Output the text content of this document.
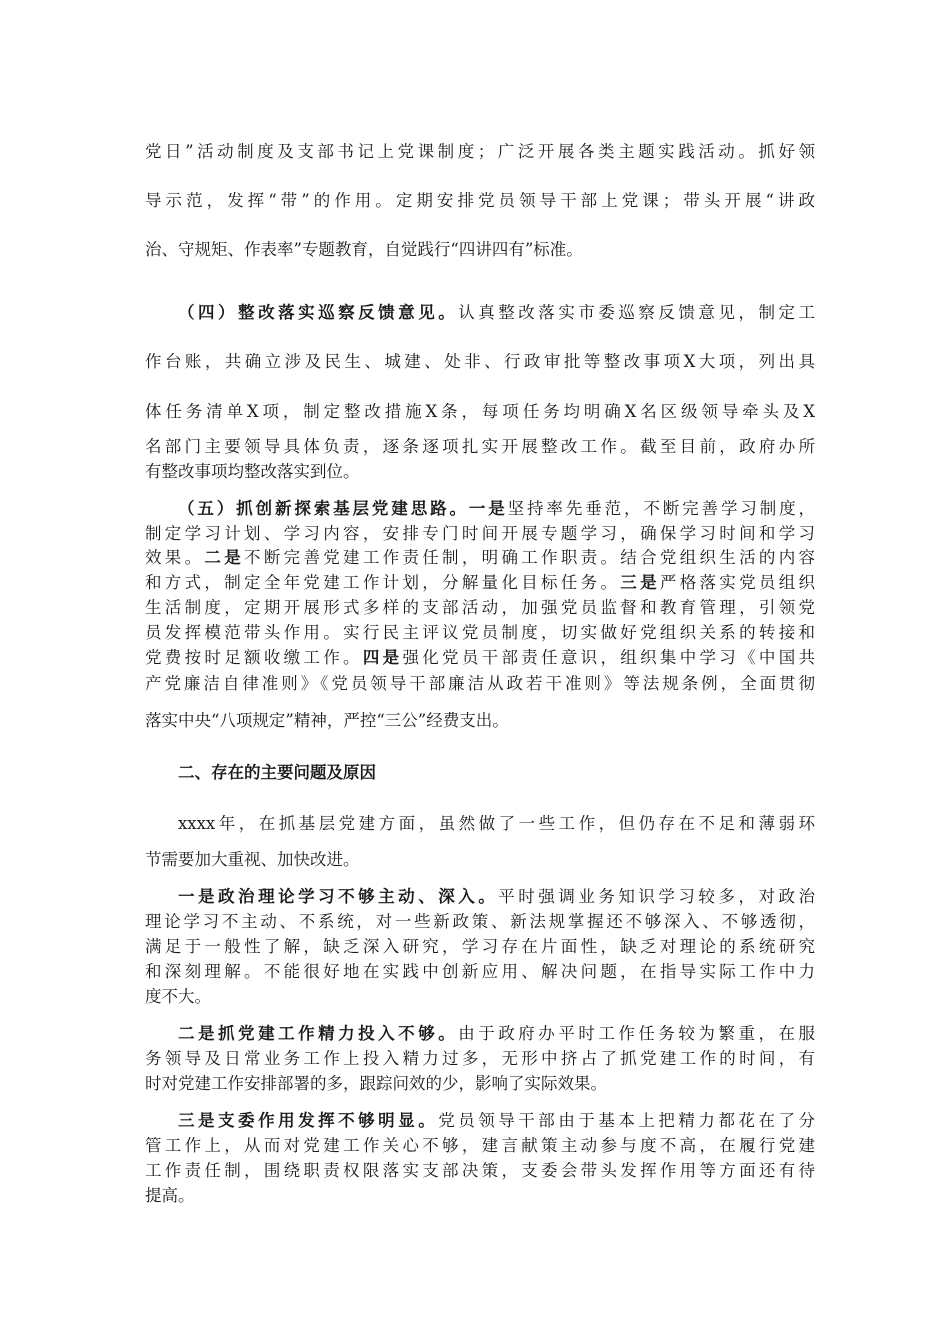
党日”活动制度及支部书记上党课制度；广泛开展各类主题实践活动。抓好领
导示范，发挥“带”的作用。定期安排党员领导干部上党课；带头开展“讲政
治、守规矩、作表率”专题教育，自觉践行“四讲四有”标准。
（四）整改落实巡察反馈意见。认真整改落实市委巡察反馈意见，制定工
作台账，共确立涉及民生、城建、处非、行政审批等整改事项X大项，列出具
体任务清单X项，制定整改措施X条，每项任务均明确X名区级领导牵头及X
名部门主要领导具体负责，逐条逐项扎实开展整改工作。截至目前，政府办所
有整改事项均整改落实到位。
（五）抓创新探索基层党建思路。一是坚持率先垂范，不断完善学习制度，
制定学习计划、学习内容，安排专门时间开展专题学习，确保学习时间和学习
效果。二是不断完善党建工作责任制，明确工作职责。结合党组织生活的内容
和方式，制定全年党建工作计划，分解量化目标任务。三是严格落实党员组织
生活制度，定期开展形式多样的支部活动，加强党员监督和教育管理，引领党
员发挥模范带头作用。实行民主评议党员制度，切实做好党组织关系的转接和
党费按时足额收缴工作。四是强化党员干部责任意识，组织集中学习《中国共
产党廉洁自律准则》《党员领导干部廉洁从政若干准则》等法规条例，全面贯彻
落实中央“八项规定”精神，严控“三公”经费支出。
二、存在的主要问题及原因
xxxx年，在抓基层党建方面，虽然做了一些工作，但仍存在不足和薄弱环
节需要加大重视、加快改进。
一是政治理论学习不够主动、深入。平时强调业务知识学习较多，对政治
理论学习不主动、不系统，对一些新政策、新法规掌握还不够深入、不够透彻，
满足于一般性了解，缺乏深入研究，学习存在片面性，缺乏对理论的系统研究
和深刻理解。不能很好地在实践中创新应用、解决问题，在指导实际工作中力
度不大。
二是抓党建工作精力投入不够。由于政府办平时工作任务较为繁重，在服
务领导及日常业务工作上投入精力过多，无形中挤占了抓党建工作的时间，有
时对党建工作安排部署的多，跟踪问效的少，影响了实际效果。
三是支委作用发挥不够明显。党员领导干部由于基本上把精力都花在了分
管工作上，从而对党建工作关心不够，建言献策主动参与度不高，在履行党建
工作责任制，围绕职责权限落实支部决策，支委会带头发挥作用等方面还有待
提高。
